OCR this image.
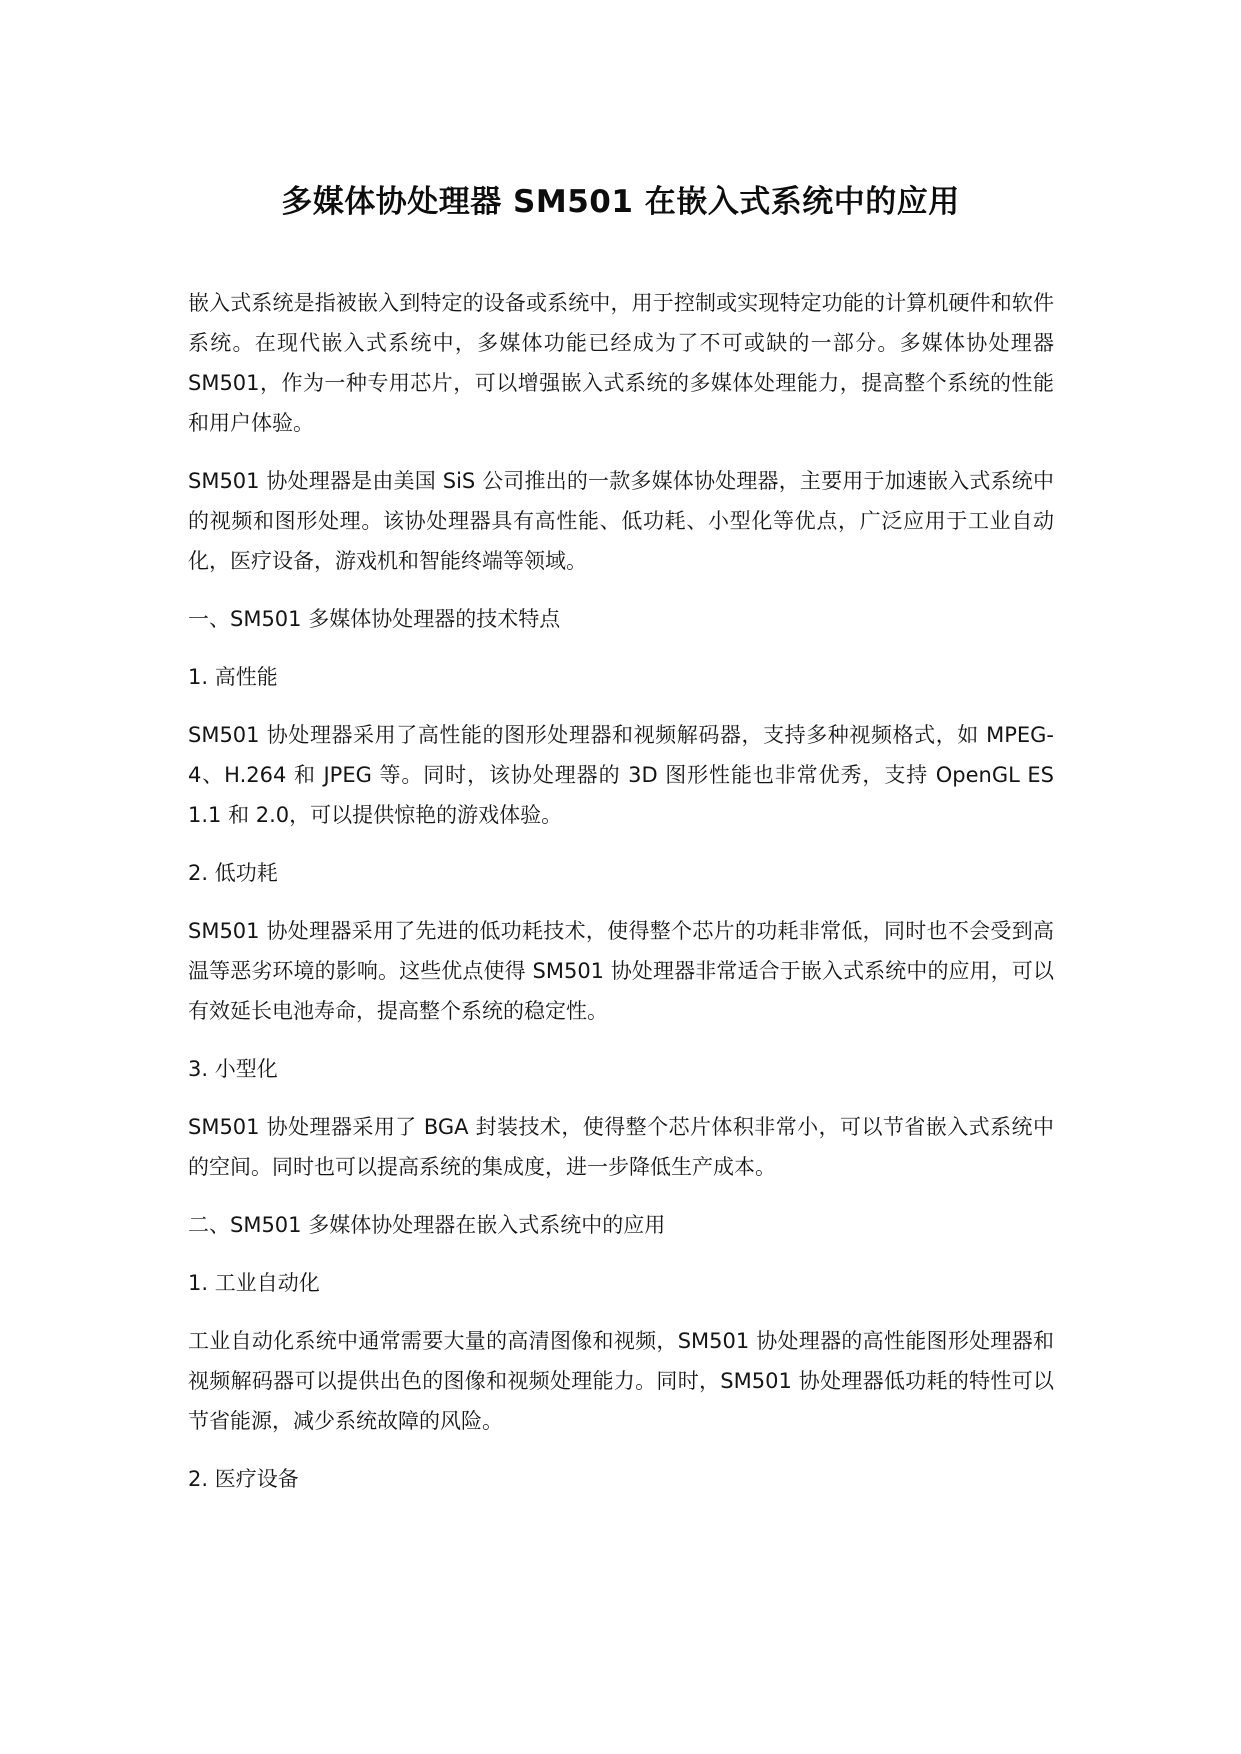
多媒体协处理器 SM501 在嵌入式系统中的应用

嵌入式系统是指被嵌入到特定的设备或系统中，用于控制或实现特定功能的计算机硬件和软件系统。在现代嵌入式系统中，多媒体功能已经成为了不可或缺的一部分。多媒体协处理器 SM501，作为一种专用芯片，可以增强嵌入式系统的多媒体处理能力，提高整个系统的性能和用户体验。

SM501 协处理器是由美国 SiS 公司推出的一款多媒体协处理器，主要用于加速嵌入式系统中的视频和图形处理。该协处理器具有高性能、低功耗、小型化等优点，广泛应用于工业自动化，医疗设备，游戏机和智能终端等领域。

一、SM501 多媒体协处理器的技术特点

1. 高性能

SM501 协处理器采用了高性能的图形处理器和视频解码器，支持多种视频格式，如 MPEG-4、H.264 和 JPEG 等。同时，该协处理器的 3D 图形性能也非常优秀，支持 OpenGL ES 1.1 和 2.0，可以提供惊艳的游戏体验。

2. 低功耗

SM501 协处理器采用了先进的低功耗技术，使得整个芯片的功耗非常低，同时也不会受到高温等恶劣环境的影响。这些优点使得 SM501 协处理器非常适合于嵌入式系统中的应用，可以有效延长电池寿命，提高整个系统的稳定性。

3. 小型化

SM501 协处理器采用了 BGA 封装技术，使得整个芯片体积非常小，可以节省嵌入式系统中的空间。同时也可以提高系统的集成度，进一步降低生产成本。

二、SM501 多媒体协处理器在嵌入式系统中的应用

1. 工业自动化

工业自动化系统中通常需要大量的高清图像和视频，SM501 协处理器的高性能图形处理器和视频解码器可以提供出色的图像和视频处理能力。同时，SM501 协处理器低功耗的特性可以节省能源，减少系统故障的风险。

2. 医疗设备
